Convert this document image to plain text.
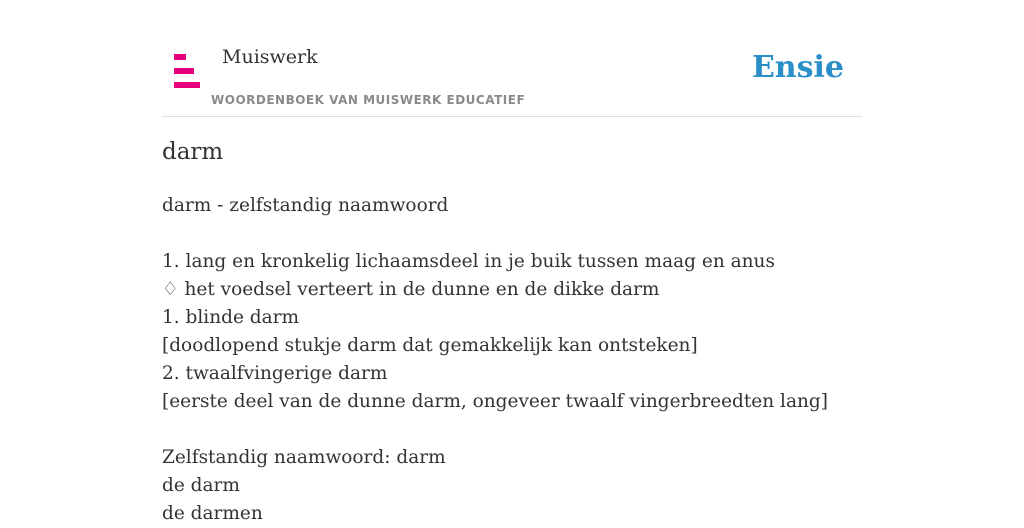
Muiswerk
WOORDENBOEK VAN MUISWERK EDUCATIEF
Ensie
darm
darm - zelfstandig naamwoord
1. lang en kronkelig lichaamsdeel in je buik tussen maag en anus
♢ het voedsel verteert in de dunne en de dikke darm
1. blinde darm
[doodlopend stukje darm dat gemakkelijk kan ontsteken]
2. twaalfvingerige darm
[eerste deel van de dunne darm, ongeveer twaalf vingerbreedten lang]
Zelfstandig naamwoord: darm
de darm
de darmen
